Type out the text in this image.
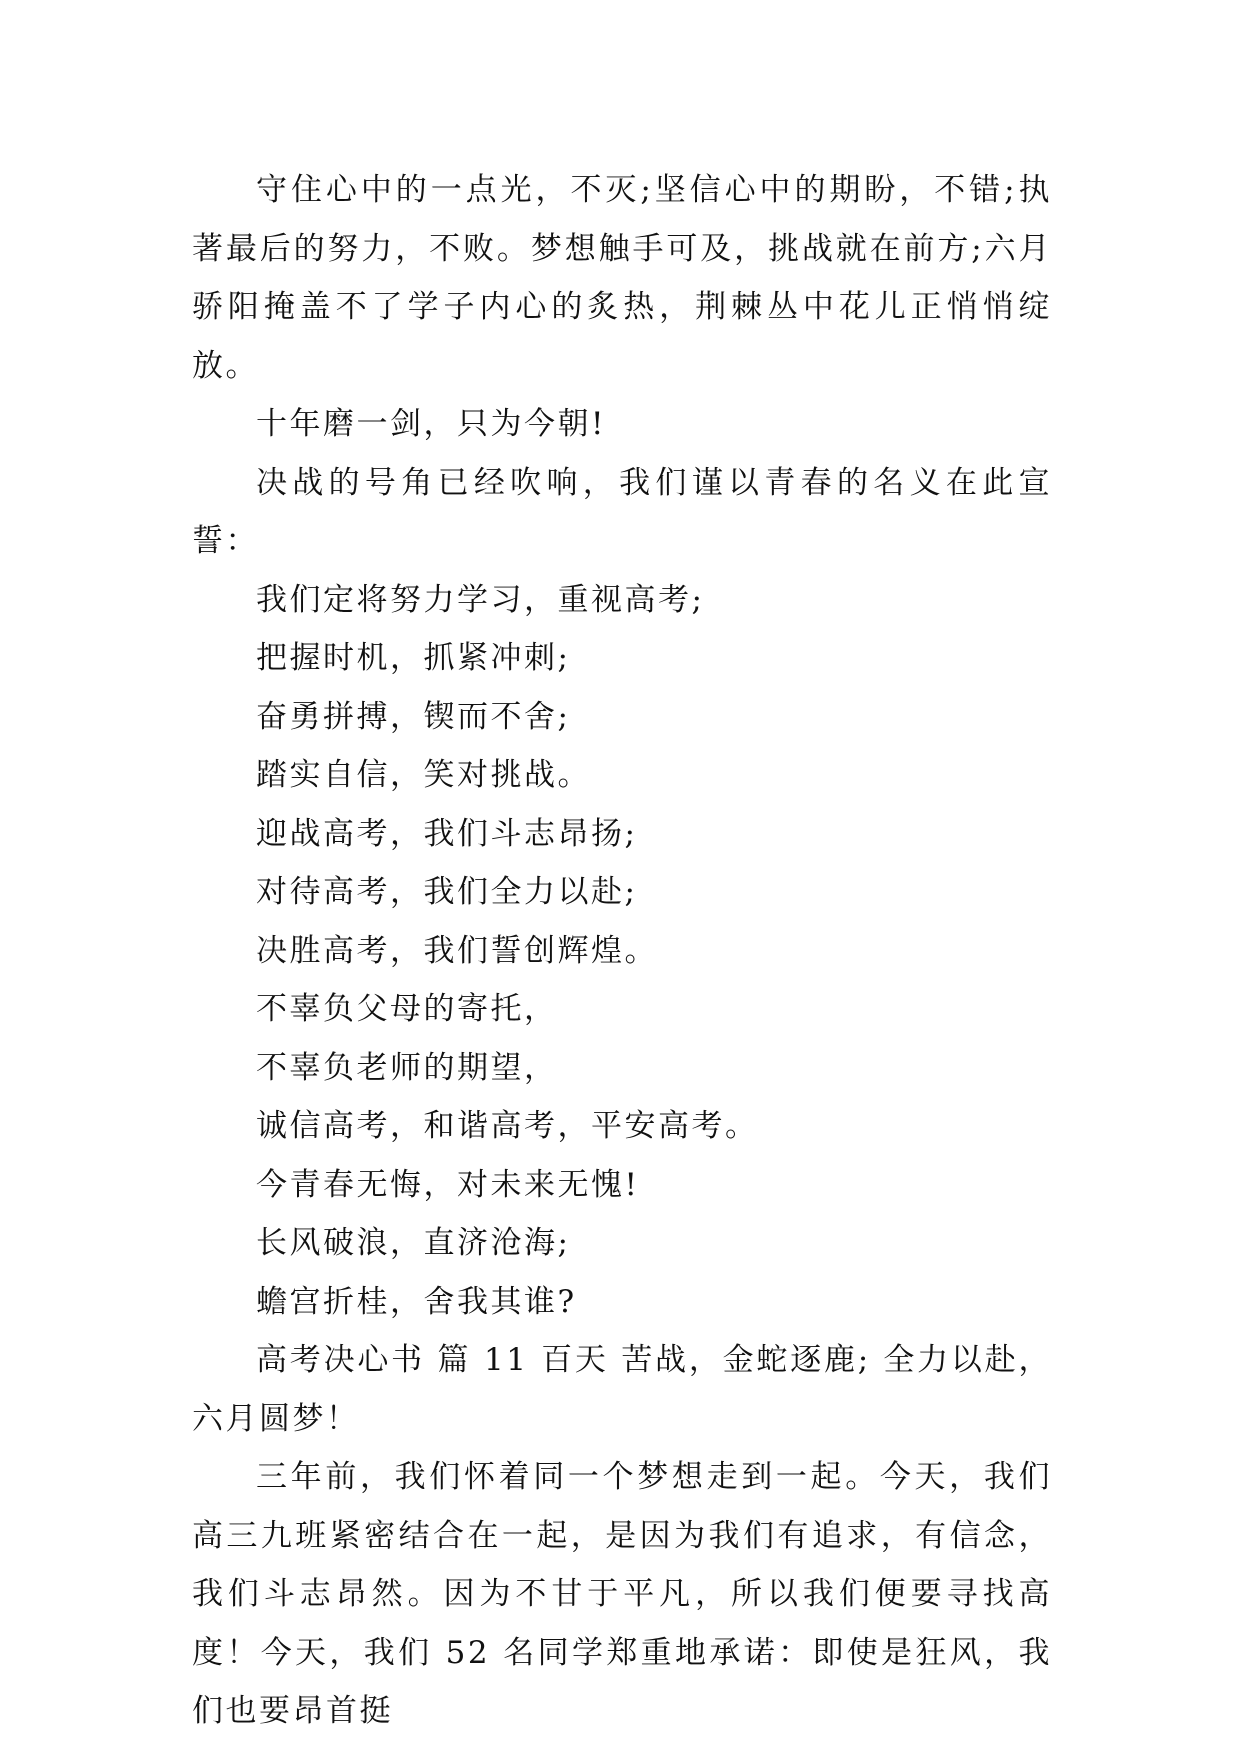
守住心中的一点光，不灭;坚信心中的期盼，不错;执著最后的努力，不败。梦想触手可及，挑战就在前方;六月骄阳掩盖不了学子内心的炙热，荆棘丛中花儿正悄悄绽放。

十年磨一剑，只为今朝!

决战的号角已经吹响，我们谨以青春的名义在此宣誓：

我们定将努力学习，重视高考;

把握时机，抓紧冲刺;

奋勇拼搏，锲而不舍;

踏实自信，笑对挑战。

迎战高考，我们斗志昂扬;

对待高考，我们全力以赴;

决胜高考，我们誓创辉煌。

不辜负父母的寄托，

不辜负老师的期望，

诚信高考，和谐高考，平安高考。

今青春无悔，对未来无愧!

长风破浪，直济沧海;

蟾宫折桂，舍我其谁?

高考决心书 篇 11 百天 苦战，金蛇逐鹿; 全力以赴，六月圆梦！

三年前，我们怀着同一个梦想走到一起。今天，我们高三九班紧密结合在一起，是因为我们有追求，有信念，我们斗志昂然。因为不甘于平凡，所以我们便要寻找高度！今天，我们 52 名同学郑重地承诺：即使是狂风，我们也要昂首挺
